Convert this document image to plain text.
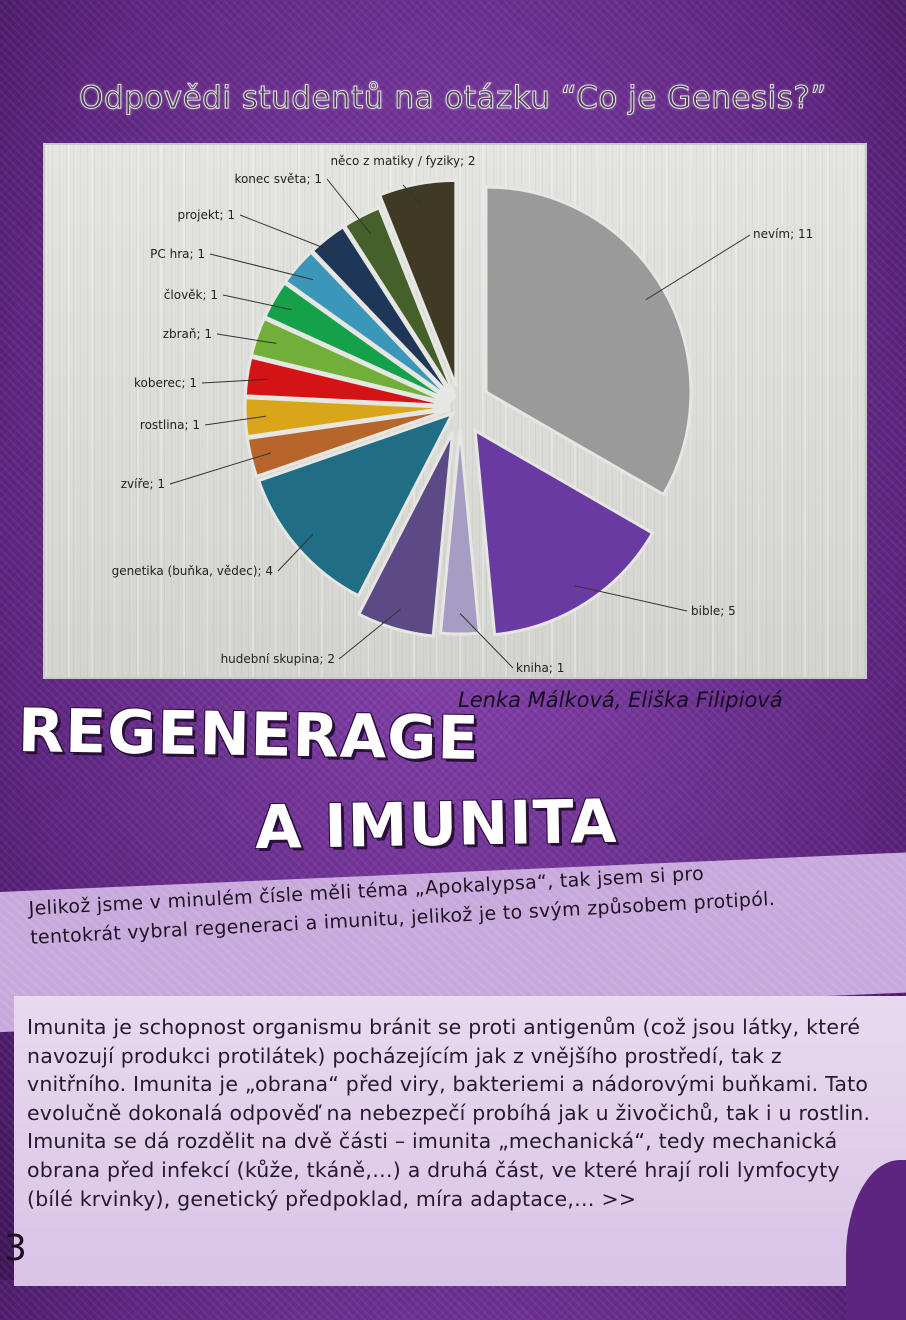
Odpovědi studentů na otázku “Co je Genesis?”
nevím; 11
bible; 5
kniha; 1
hudební skupina; 2
genetika (buňka, vědec); 4
zvíře; 1
rostlina; 1
koberec; 1
zbraň; 1
člověk; 1
PC hra; 1
projekt; 1
konec světa; 1
něco z matiky / fyziky; 2
Lenka Málková, Eliška Filipiová
REGENERAGE
A IMUNITA
Jelikož jsme v minulém čísle měli téma „Apokalypsa“, tak jsem si pro tentokrát vybral regeneraci a imunitu, jelikož je to svým způsobem protipól.
Imunita je schopnost organismu bránit se proti antigenům (což jsou látky, které navozují produkci protilátek) pocházejícím jak z vnějšího prostředí, tak z vnitřního. Imunita je „obrana“ před viry, bakteriemi a nádorovými buňkami. Tato evolučně dokonalá odpověď na nebezpečí probíhá jak u živočichů, tak i u rostlin. Imunita se dá rozdělit na dvě části – imunita „mechanická“, tedy mechanická obrana před infekcí (kůže, tkáně,…) a druhá část, ve které hrají roli lymfocyty (bílé krvinky), genetický předpoklad, míra adaptace,… >>
3
